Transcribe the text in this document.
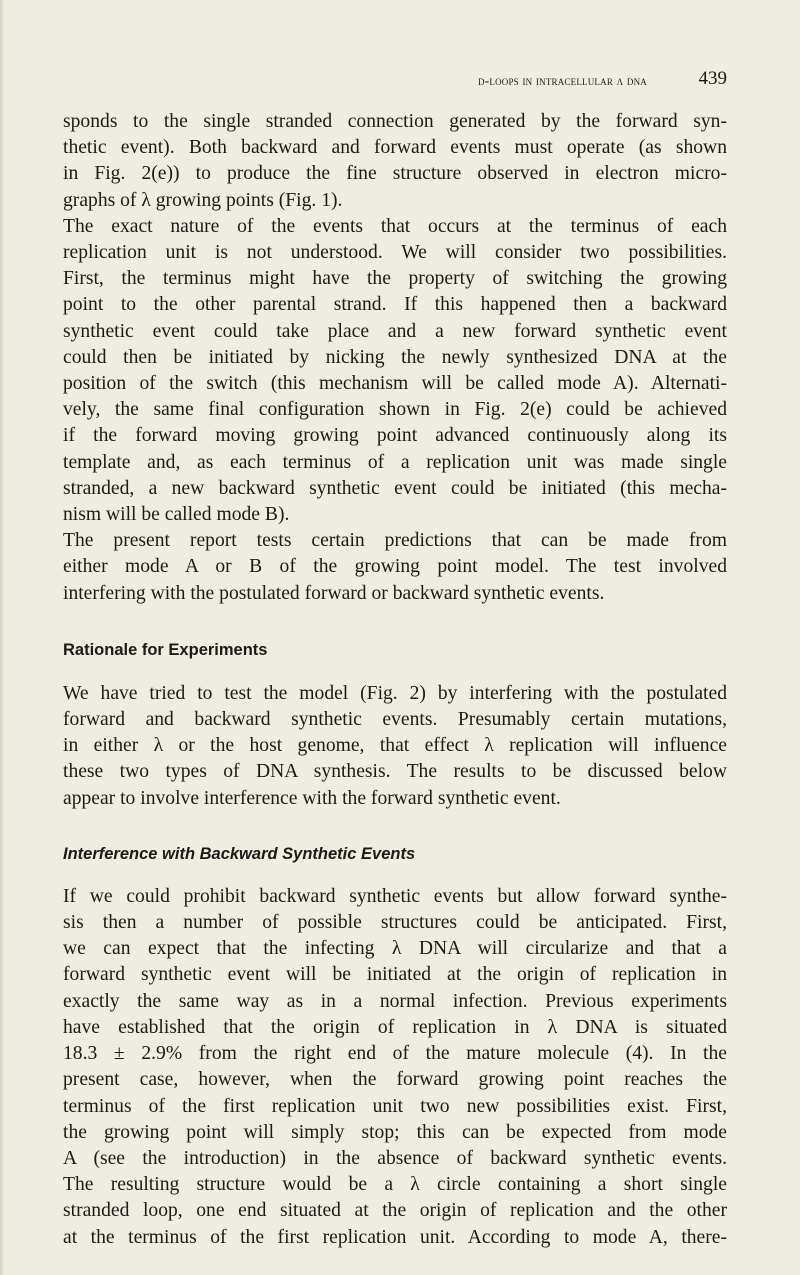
d-loops in intracellular λ dna	439
sponds to the single stranded connection generated by the forward syn-
thetic event). Both backward and forward events must operate (as shown
in Fig. 2(e)) to produce the fine structure observed in electron micro-
graphs of λ growing points (Fig. 1).
The exact nature of the events that occurs at the terminus of each
replication unit is not understood. We will consider two possibilities.
First, the terminus might have the property of switching the growing
point to the other parental strand. If this happened then a backward
synthetic event could take place and a new forward synthetic event
could then be initiated by nicking the newly synthesized DNA at the
position of the switch (this mechanism will be called mode A). Alternati-
vely, the same final configuration shown in Fig. 2(e) could be achieved
if the forward moving growing point advanced continuously along its
template and, as each terminus of a replication unit was made single
stranded, a new backward synthetic event could be initiated (this mecha-
nism will be called mode B).
The present report tests certain predictions that can be made from
either mode A or B of the growing point model. The test involved
interfering with the postulated forward or backward synthetic events.
Rationale for Experiments
We have tried to test the model (Fig. 2) by interfering with the postulated
forward and backward synthetic events. Presumably certain mutations,
in either λ or the host genome, that effect λ replication will influence
these two types of DNA synthesis. The results to be discussed below
appear to involve interference with the forward synthetic event.
Interference with Backward Synthetic Events
If we could prohibit backward synthetic events but allow forward synthe-
sis then a number of possible structures could be anticipated. First,
we can expect that the infecting λ DNA will circularize and that a
forward synthetic event will be initiated at the origin of replication in
exactly the same way as in a normal infection. Previous experiments
have established that the origin of replication in λ DNA is situated
18.3 ± 2.9% from the right end of the mature molecule (4). In the
present case, however, when the forward growing point reaches the
terminus of the first replication unit two new possibilities exist. First,
the growing point will simply stop; this can be expected from mode
A (see the introduction) in the absence of backward synthetic events.
The resulting structure would be a λ circle containing a short single
stranded loop, one end situated at the origin of replication and the other
at the terminus of the first replication unit. According to mode A, there-
